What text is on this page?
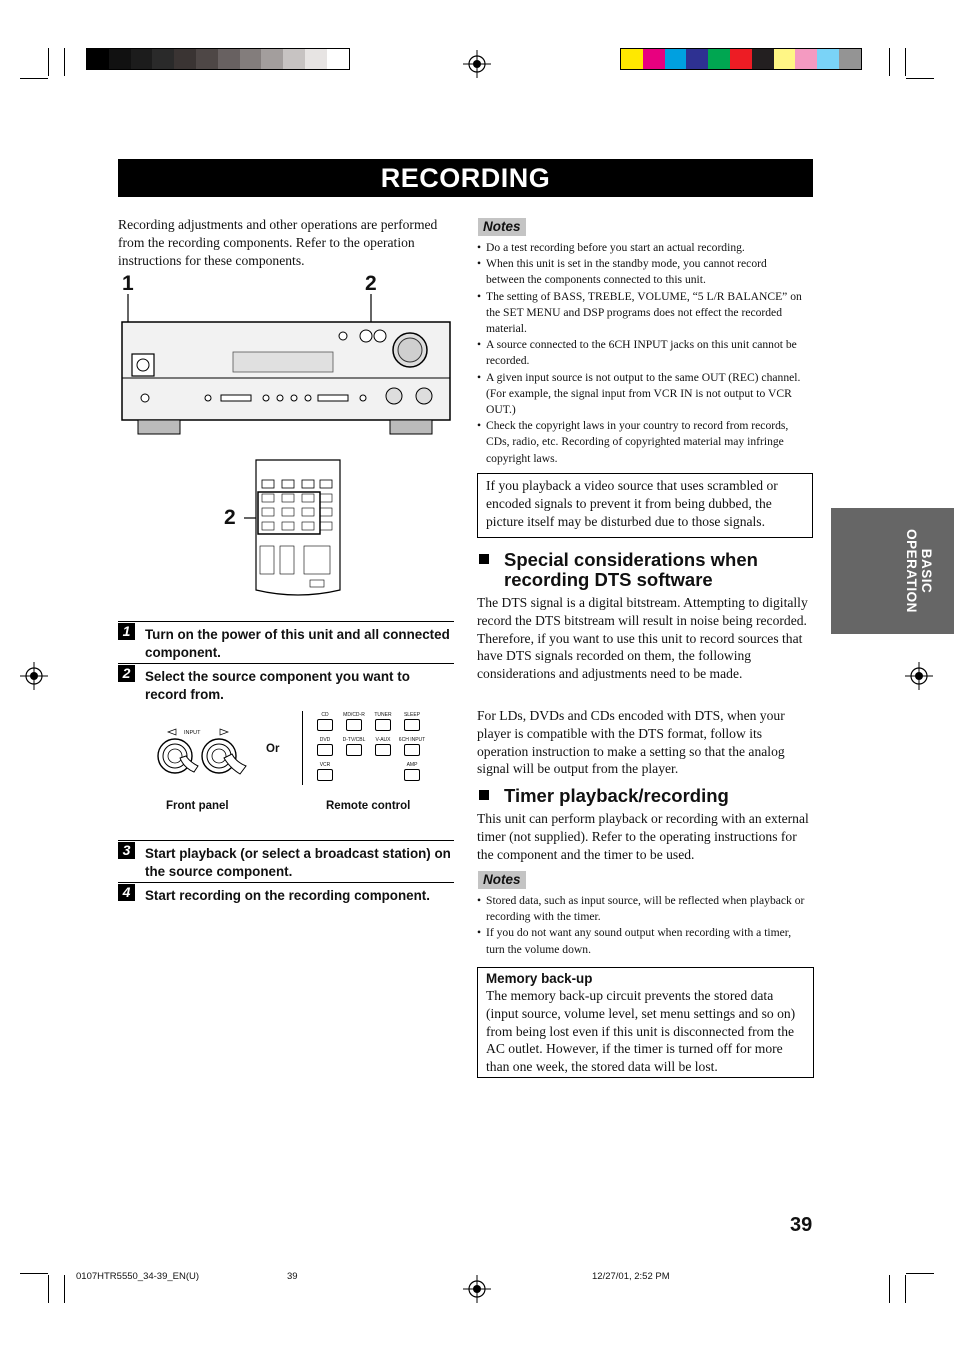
RECORDING
BASIC
OPERATION
Recording adjustments and other operations are performed from the recording components. Refer to the operation instructions for these components.
1	2
2
1	Turn on the power of this unit and all connected component.
2	Select the source component you want to record from.
INPUT
Or
CD	MD/CD-R	TUNER	SLEEP
DVD	D-TV/CBL	V-AUX	6CH INPUT
VCR	AMP
Front panel	Remote control
3	Start playback (or select a broadcast station) on the source component.
4	Start recording on the recording component.
Notes
• Do a test recording before you start an actual recording.
• When this unit is set in the standby mode, you cannot record between the components connected to this unit.
• The setting of BASS, TREBLE, VOLUME, “5 L/R BALANCE” on the SET MENU and DSP programs does not effect the recorded material.
• A source connected to the 6CH INPUT jacks on this unit cannot be recorded.
• A given input source is not output to the same OUT (REC) channel. (For example, the signal input from VCR IN is not output to VCR OUT.)
• Check the copyright laws in your country to record from records, CDs, radio, etc. Recording of copyrighted material may infringe copyright laws.
If you playback a video source that uses scrambled or encoded signals to prevent it from being dubbed, the picture itself may be disturbed due to those signals.
Special considerations when recording DTS software
The DTS signal is a digital bitstream. Attempting to digitally record the DTS bitstream will result in noise being recorded. Therefore, if you want to use this unit to record sources that have DTS signals recorded on them, the following considerations and adjustments need to be made.
For LDs, DVDs and CDs encoded with DTS, when your player is compatible with the DTS format, follow its operation instruction to make a setting so that the analog signal will be output from the player.
Timer playback/recording
This unit can perform playback or recording with an external timer (not supplied). Refer to the operating instructions for the component and the timer to be used.
Notes
• Stored data, such as input source, will be reflected when playback or recording with the timer.
• If you do not want any sound output when recording with a timer, turn the volume down.
Memory back-up
The memory back-up circuit prevents the stored data (input source, volume level, set menu settings and so on) from being lost even if this unit is disconnected from the AC outlet. However, if the timer is turned off for more than one week, the stored data will be lost.
39
0107HTR5550_34-39_EN(U)	39	12/27/01, 2:52 PM
